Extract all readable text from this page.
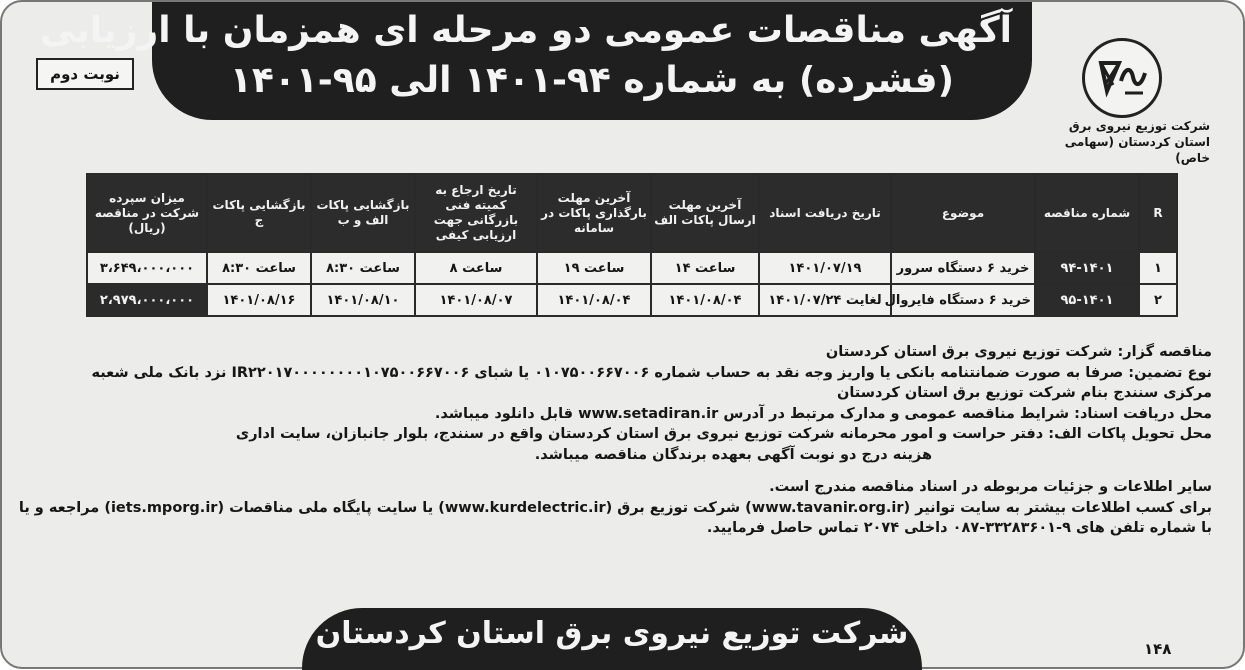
آگهی مناقصات عمومی دو مرحله ای همزمان با ارزیابی
(فشرده) به شماره ۹۴-۱۴۰۱ الی ۹۵-۱۴۰۱
نوبت دوم

شرکت توزیع نیروی برق

استان کردستان (سهامی خاص)

R	شماره مناقصه	موضوع	تاریخ دریافت اسناد	آخرین مهلت ارسال پاکات الف	آخرین مهلت بارگذاری پاکات در سامانه	تاریخ ارجاع به کمیته فنی بازرگانی جهت ارزیابی کیفی	بازگشایی پاکات الف و ب	بازگشایی پاکات ج	میزان سپرده شرکت در مناقصه (ریال)
۱	۹۴-۱۴۰۱	خرید ۶ دستگاه سرور	۱۴۰۱/۰۷/۱۹	ساعت ۱۴	ساعت ۱۹	ساعت ۸	ساعت ۸:۳۰	ساعت ۸:۳۰	۳،۶۴۹،۰۰۰،۰۰۰
۲	۹۵-۱۴۰۱	خرید ۶ دستگاه فایروال	لغایت ۱۴۰۱/۰۷/۲۴	۱۴۰۱/۰۸/۰۴	۱۴۰۱/۰۸/۰۴	۱۴۰۱/۰۸/۰۷	۱۴۰۱/۰۸/۱۰	۱۴۰۱/۰۸/۱۶	۲،۹۷۹،۰۰۰،۰۰۰

مناقصه گزار: شرکت توزیع نیروی برق استان کردستان

نوع تضمین: صرفا به صورت ضمانتنامه بانکی یا واریز وجه نقد به حساب شماره ۰۱۰۷۵۰۰۶۶۷۰۰۶ یا شبای IR۲۲۰۱۷۰۰۰۰۰۰۰۰۱۰۷۵۰۰۶۶۷۰۰۶ نزد بانک ملی شعبه

مرکزی سنندج بنام شرکت توزیع برق استان کردستان

محل دریافت اسناد: شرایط مناقصه عمومی و مدارک مرتبط در آدرس www.setadiran.ir قابل دانلود میباشد.

محل تحویل پاکات الف: دفتر حراست و امور محرمانه شرکت توزیع نیروی برق استان کردستان واقع در سنندج، بلوار جانبازان، سایت اداری

هزینه درج دو نوبت آگهی بعهده برندگان مناقصه میباشد.

سایر اطلاعات و جزئیات مربوطه در اسناد مناقصه مندرج است.

برای کسب اطلاعات بیشتر به سایت توانیر (www.tavanir.org.ir) شرکت توزیع برق (www.kurdelectric.ir) یا سایت پایگاه ملی مناقصات (iets.mporg.ir) مراجعه و یا

با شماره تلفن های ۹-۳۳۲۸۳۶۰۱-۰۸۷ داخلی ۲۰۷۴ تماس حاصل فرمایید.

شرکت توزیع نیروی برق استان کردستان	۱۴۸
